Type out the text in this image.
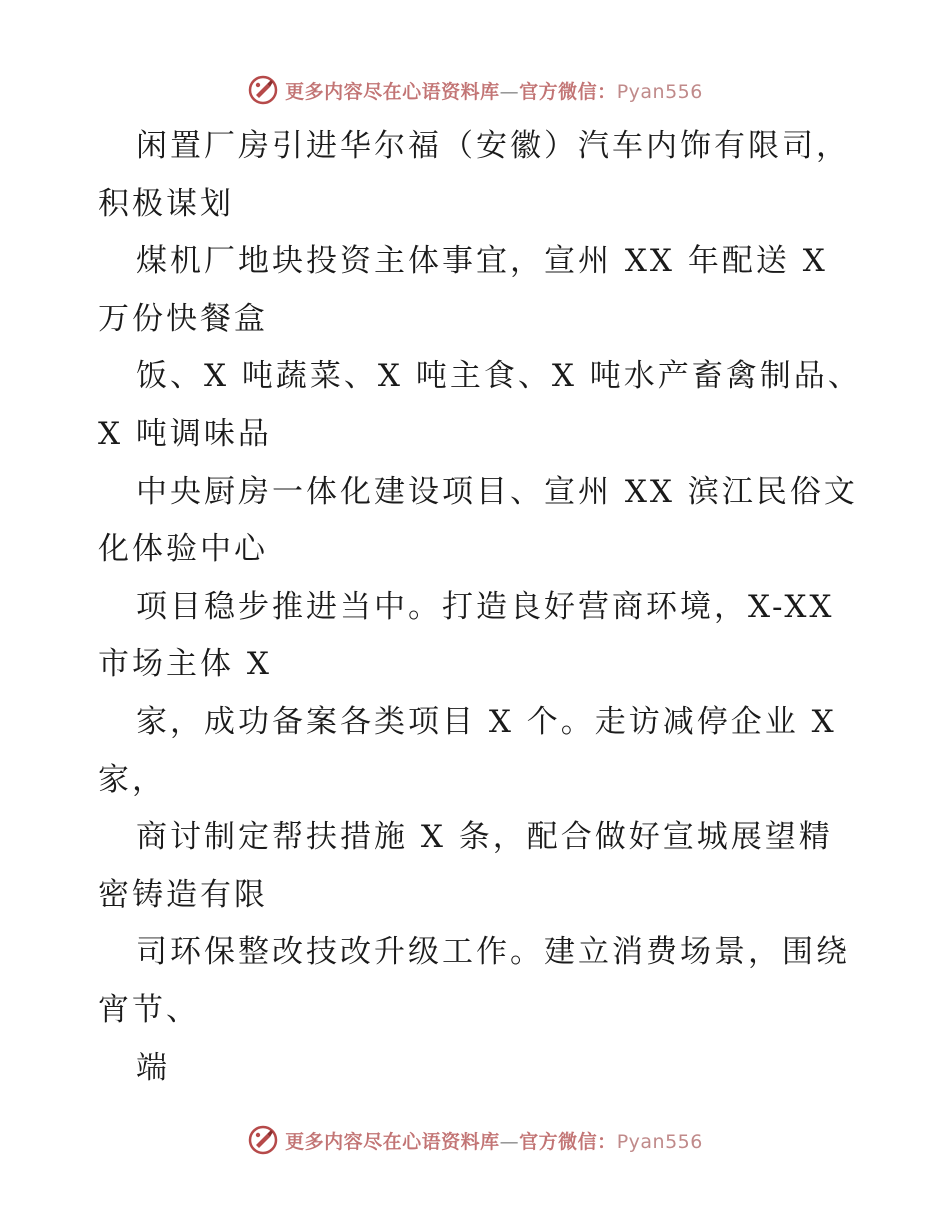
更多内容尽在心语资料库—官方微信：Pyan556
闲置厂房引进华尔福（安徽）汽车内饰有限司，
积极谋划
煤机厂地块投资主体事宜，宣州 XX 年配送 X
万份快餐盒
饭、X 吨蔬菜、X 吨主食、X 吨水产畜禽制品、
X 吨调味品
中央厨房一体化建设项目、宣州 XX 滨江民俗文
化体验中心
项目稳步推进当中。打造良好营商环境，X-XX
市场主体 X
家，成功备案各类项目 X 个。走访减停企业 X
家，
商讨制定帮扶措施 X 条，配合做好宣城展望精
密铸造有限
司环保整改技改升级工作。建立消费场景，围绕
宵节、
端
更多内容尽在心语资料库—官方微信：Pyan556
